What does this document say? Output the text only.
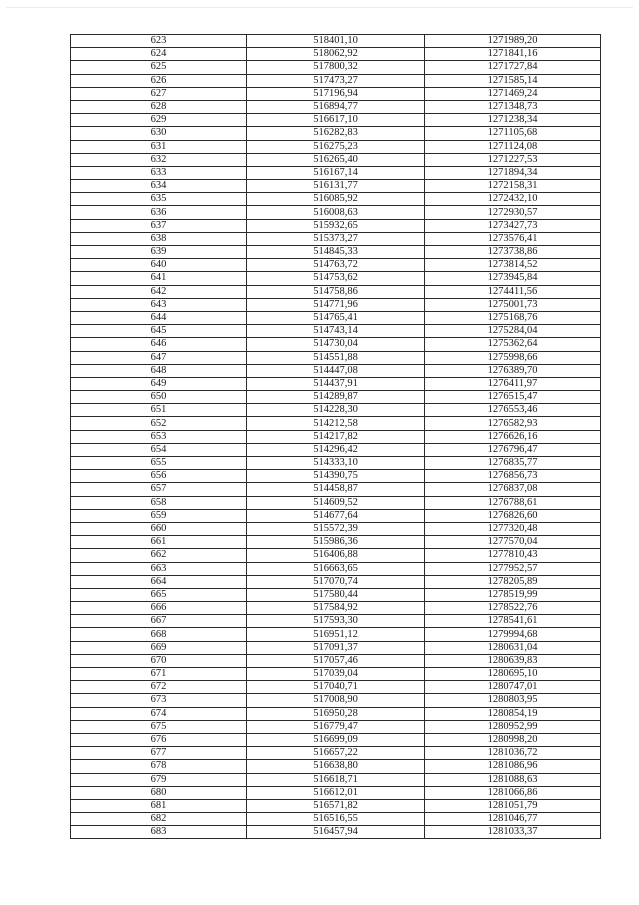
623	518401,10	1271989,20
624	518062,92	1271841,16
625	517800,32	1271727,84
626	517473,27	1271585,14
627	517196,94	1271469,24
628	516894,77	1271348,73
629	516617,10	1271238,34
630	516282,83	1271105,68
631	516275,23	1271124,08
632	516265,40	1271227,53
633	516167,14	1271894,34
634	516131,77	1272158,31
635	516085,92	1272432,10
636	516008,63	1272930,57
637	515932,65	1273427,73
638	515373,27	1273576,41
639	514845,33	1273738,86
640	514763,72	1273814,52
641	514753,62	1273945,84
642	514758,86	1274411,56
643	514771,96	1275001,73
644	514765,41	1275168,76
645	514743,14	1275284,04
646	514730,04	1275362,64
647	514551,88	1275998,66
648	514447,08	1276389,70
649	514437,91	1276411,97
650	514289,87	1276515,47
651	514228,30	1276553,46
652	514212,58	1276582,93
653	514217,82	1276626,16
654	514296,42	1276796,47
655	514333,10	1276835,77
656	514390,75	1276856,73
657	514458,87	1276837,08
658	514609,52	1276788,61
659	514677,64	1276826,60
660	515572,39	1277320,48
661	515986,36	1277570,04
662	516406,88	1277810,43
663	516663,65	1277952,57
664	517070,74	1278205,89
665	517580,44	1278519,99
666	517584,92	1278522,76
667	517593,30	1278541,61
668	516951,12	1279994,68
669	517091,37	1280631,04
670	517057,46	1280639,83
671	517039,04	1280695,10
672	517040,71	1280747,01
673	517008,90	1280803,95
674	516950,28	1280854,19
675	516779,47	1280952,99
676	516699,09	1280998,20
677	516657,22	1281036,72
678	516638,80	1281086,96
679	516618,71	1281088,63
680	516612,01	1281066,86
681	516571,82	1281051,79
682	516516,55	1281046,77
683	516457,94	1281033,37
